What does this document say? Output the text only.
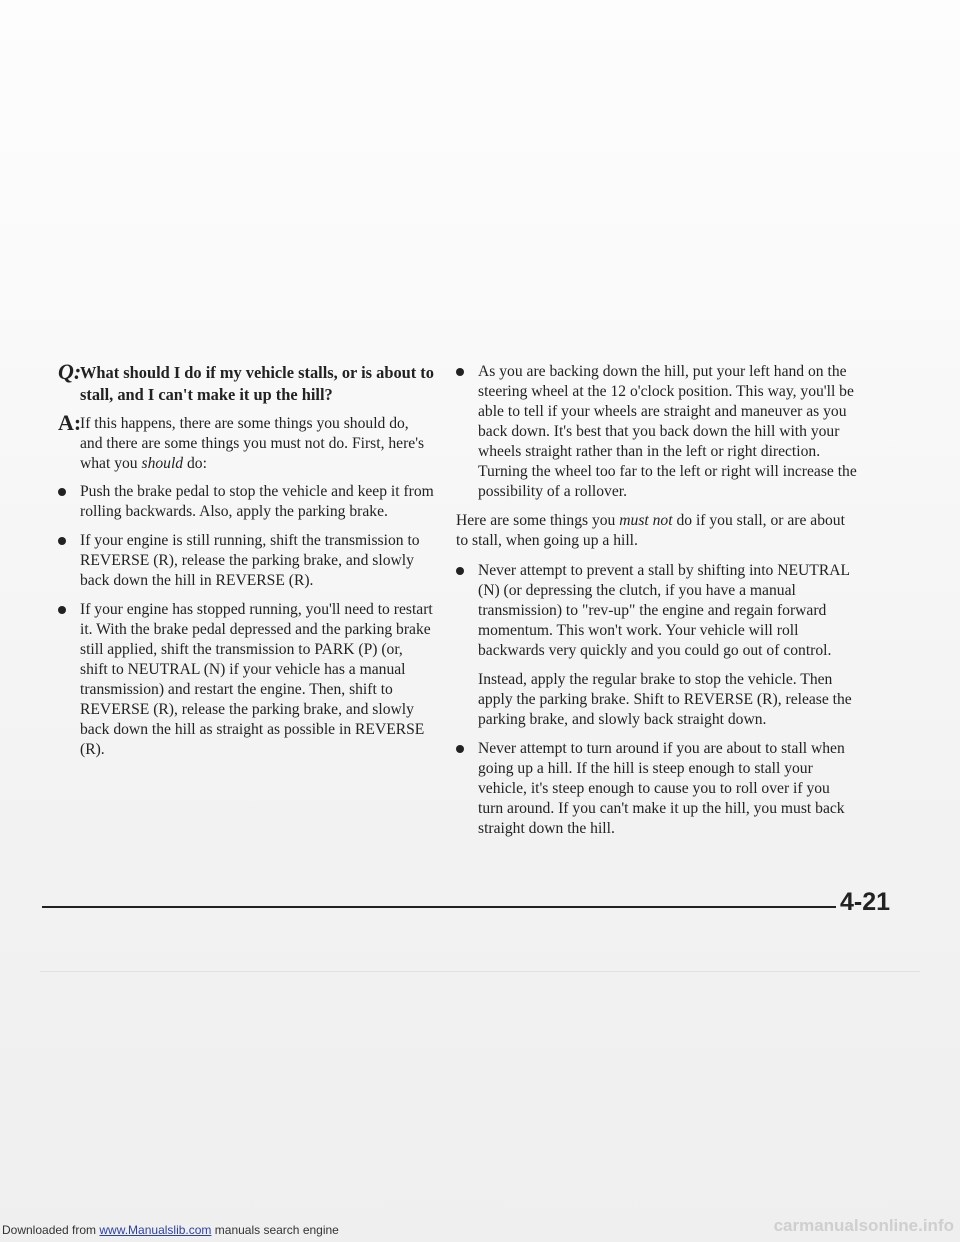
Q:
What should I do if my vehicle stalls, or is about to stall, and I can't make it up the hill?
A:
If this happens, there are some things you should do, and there are some things you must not do. First, here's what you should do:
Push the brake pedal to stop the vehicle and keep it from rolling backwards. Also, apply the parking brake.
If your engine is still running, shift the transmission to REVERSE (R), release the parking brake, and slowly back down the hill in REVERSE (R).
If your engine has stopped running, you'll need to restart it. With the brake pedal depressed and the parking brake still applied, shift the transmission to PARK (P) (or, shift to NEUTRAL (N) if your vehicle has a manual transmission) and restart the engine. Then, shift to REVERSE (R), release the parking brake, and slowly back down the hill as straight as possible in REVERSE (R).
As you are backing down the hill, put your left hand on the steering wheel at the 12 o'clock position. This way, you'll be able to tell if your wheels are straight and maneuver as you back down. It's best that you back down the hill with your wheels straight rather than in the left or right direction. Turning the wheel too far to the left or right will increase the possibility of a rollover.
Here are some things you must not do if you stall, or are about to stall, when going up a hill.
Never attempt to prevent a stall by shifting into NEUTRAL (N) (or depressing the clutch, if you have a manual transmission) to "rev-up" the engine and regain forward momentum. This won't work. Your vehicle will roll backwards very quickly and you could go out of control.
Instead, apply the regular brake to stop the vehicle. Then apply the parking brake. Shift to REVERSE (R), release the parking brake, and slowly back straight down.
Never attempt to turn around if you are about to stall when going up a hill. If the hill is steep enough to stall your vehicle, it's steep enough to cause you to roll over if you turn around. If you can't make it up the hill, you must back straight down the hill.
4-21
Downloaded from www.Manualslib.com manuals search engine	carmanualsonline.info
